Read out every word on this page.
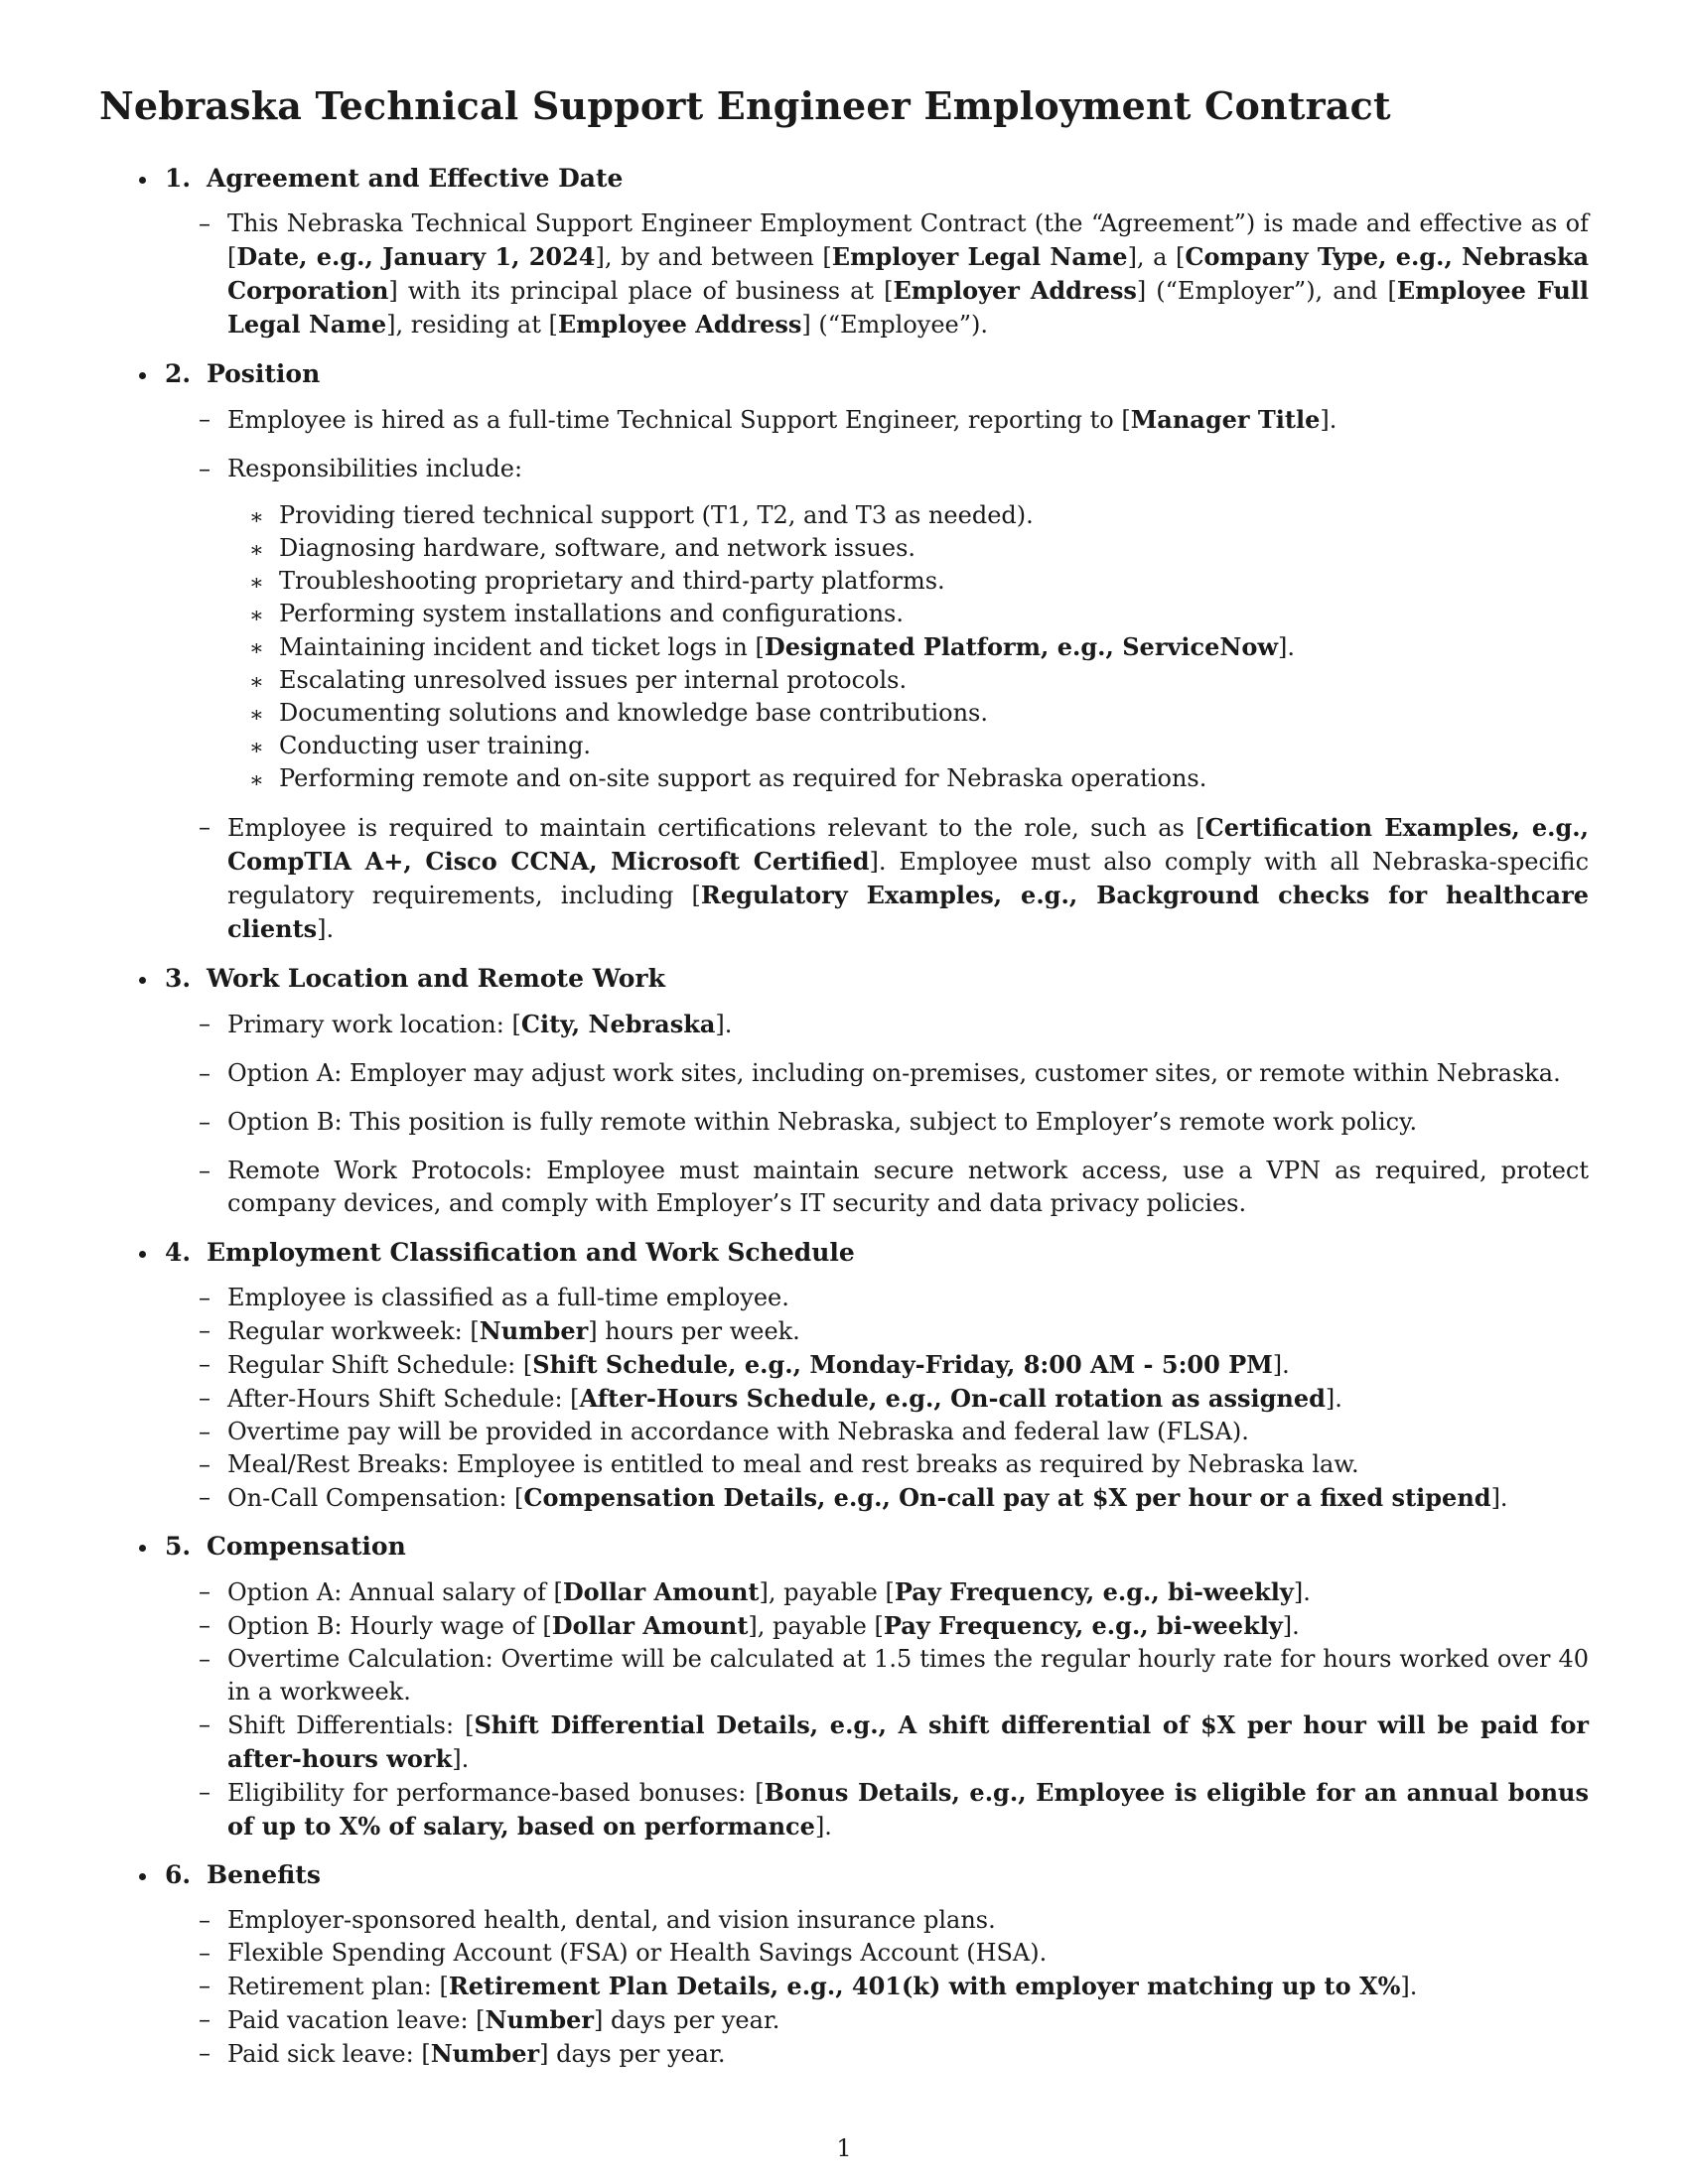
Nebraska Technical Support Engineer Employment Contract
1. Agreement and Effective Date
– This Nebraska Technical Support Engineer Employment Contract (the “Agreement”) is made and effective as of [Date, e.g., January 1, 2024], by and between [Employer Legal Name], a [Company Type, e.g., Nebraska Corporation] with its principal place of business at [Employer Address] (“Employer”), and [Employee Full Legal Name], residing at [Employee Address] (“Employee”).
2. Position
– Employee is hired as a full-time Technical Support Engineer, reporting to [Manager Title].
– Responsibilities include:
∗ Providing tiered technical support (T1, T2, and T3 as needed).
∗ Diagnosing hardware, software, and network issues.
∗ Troubleshooting proprietary and third-party platforms.
∗ Performing system installations and configurations.
∗ Maintaining incident and ticket logs in [Designated Platform, e.g., ServiceNow].
∗ Escalating unresolved issues per internal protocols.
∗ Documenting solutions and knowledge base contributions.
∗ Conducting user training.
∗ Performing remote and on-site support as required for Nebraska operations.
– Employee is required to maintain certifications relevant to the role, such as [Certification Examples, e.g., CompTIA A+, Cisco CCNA, Microsoft Certified]. Employee must also comply with all Nebraska-specific regulatory requirements, including [Regulatory Examples, e.g., Background checks for healthcare clients].
3. Work Location and Remote Work
– Primary work location: [City, Nebraska].
– Option A: Employer may adjust work sites, including on-premises, customer sites, or remote within Nebraska.
– Option B: This position is fully remote within Nebraska, subject to Employer’s remote work policy.
– Remote Work Protocols: Employee must maintain secure network access, use a VPN as required, protect company devices, and comply with Employer’s IT security and data privacy policies.
4. Employment Classification and Work Schedule
– Employee is classified as a full-time employee.
– Regular workweek: [Number] hours per week.
– Regular Shift Schedule: [Shift Schedule, e.g., Monday-Friday, 8:00 AM - 5:00 PM].
– After-Hours Shift Schedule: [After-Hours Schedule, e.g., On-call rotation as assigned].
– Overtime pay will be provided in accordance with Nebraska and federal law (FLSA).
– Meal/Rest Breaks: Employee is entitled to meal and rest breaks as required by Nebraska law.
– On-Call Compensation: [Compensation Details, e.g., On-call pay at $X per hour or a fixed stipend].
5. Compensation
– Option A: Annual salary of [Dollar Amount], payable [Pay Frequency, e.g., bi-weekly].
– Option B: Hourly wage of [Dollar Amount], payable [Pay Frequency, e.g., bi-weekly].
– Overtime Calculation: Overtime will be calculated at 1.5 times the regular hourly rate for hours worked over 40 in a workweek.
– Shift Differentials: [Shift Differential Details, e.g., A shift differential of $X per hour will be paid for after-hours work].
– Eligibility for performance-based bonuses: [Bonus Details, e.g., Employee is eligible for an annual bonus of up to X% of salary, based on performance].
6. Benefits
– Employer-sponsored health, dental, and vision insurance plans.
– Flexible Spending Account (FSA) or Health Savings Account (HSA).
– Retirement plan: [Retirement Plan Details, e.g., 401(k) with employer matching up to X%].
– Paid vacation leave: [Number] days per year.
– Paid sick leave: [Number] days per year.
1
